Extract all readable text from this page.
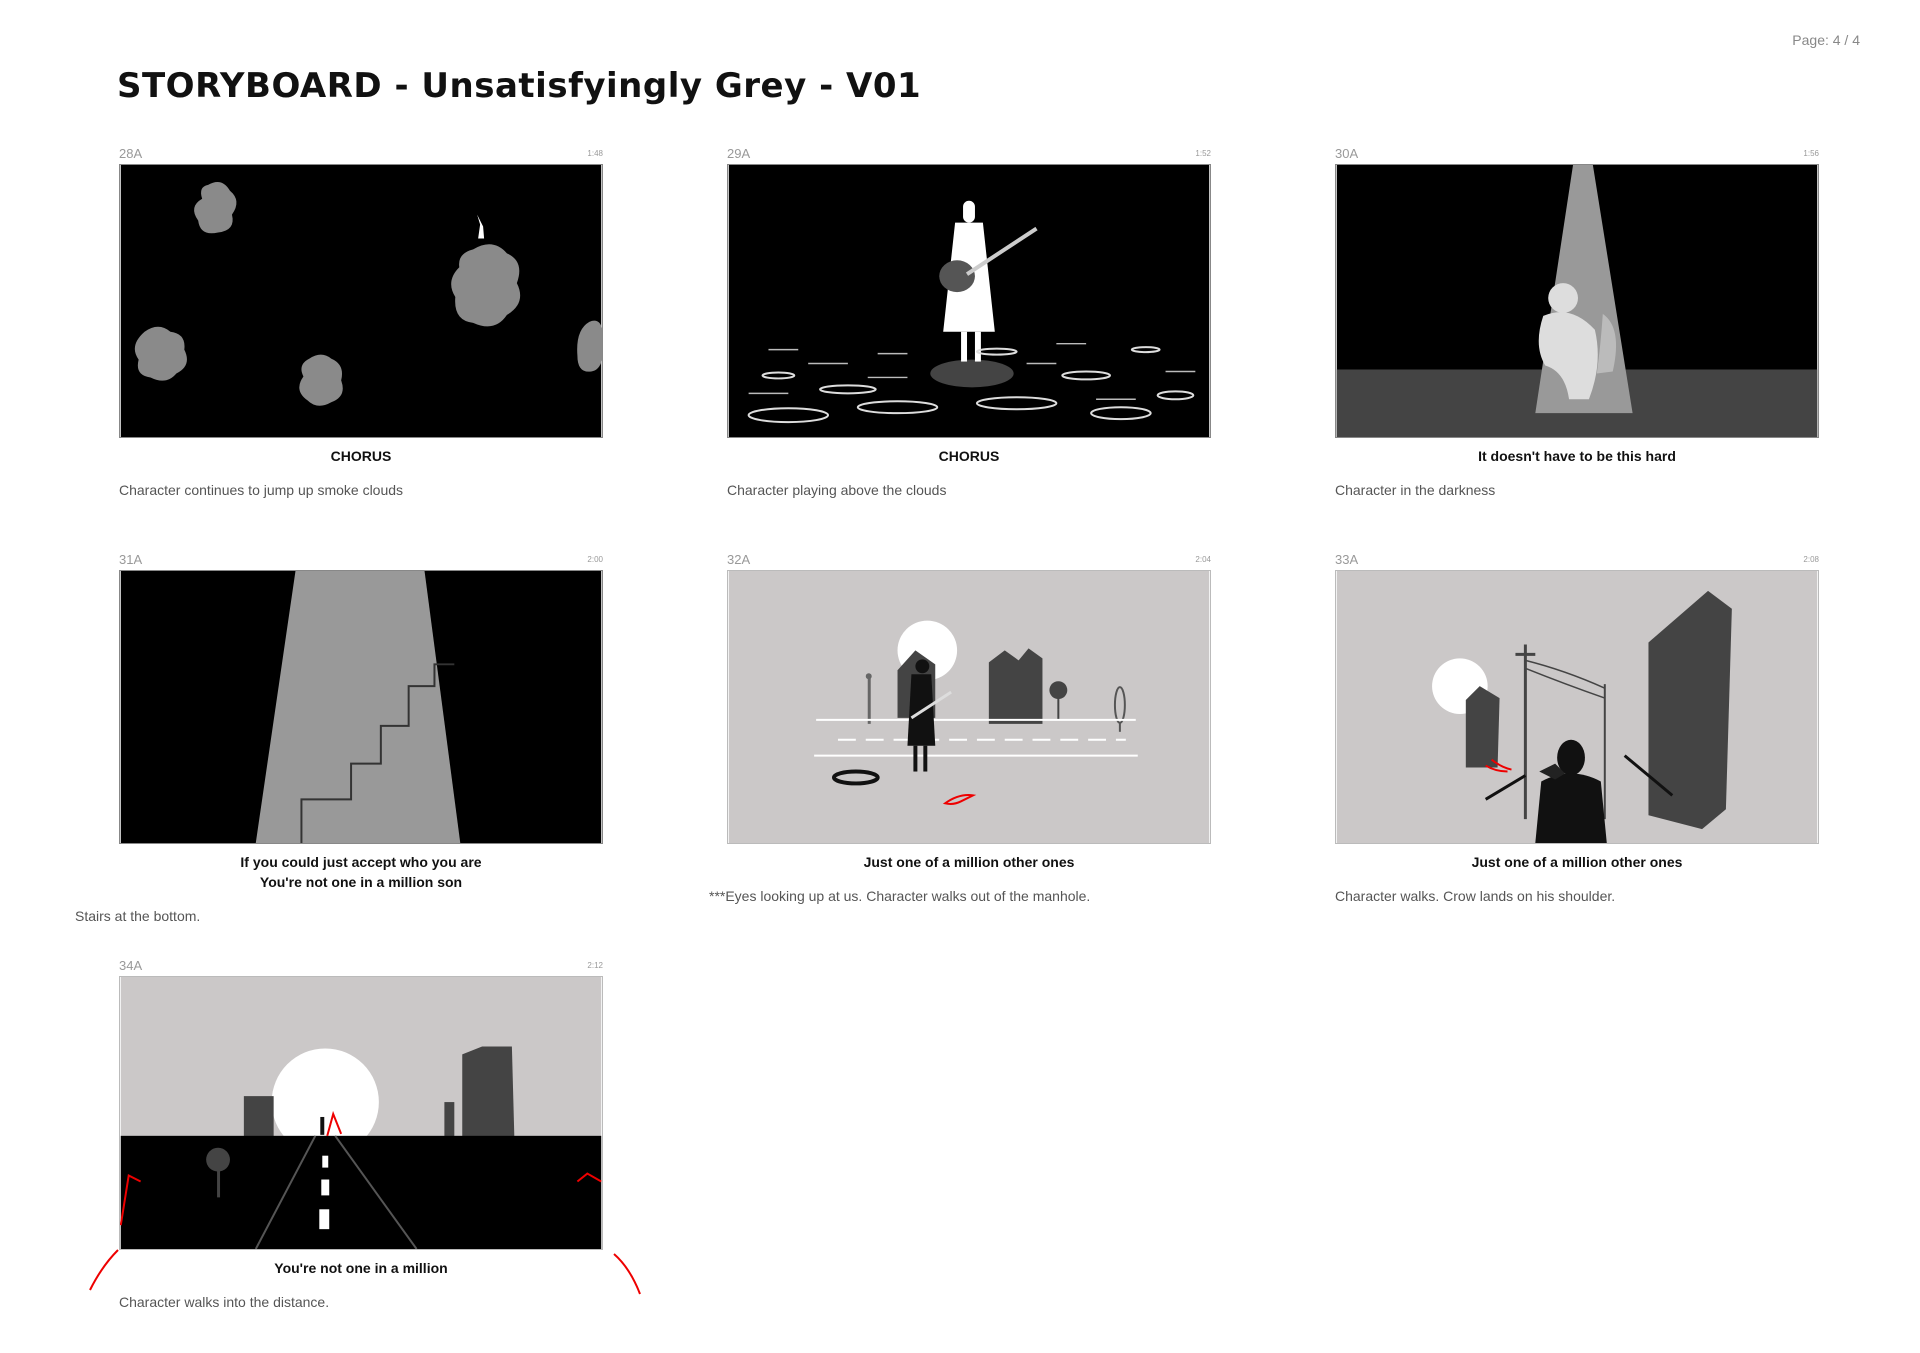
Page: 4 / 4
STORYBOARD - Unsatisfyingly Grey - V01
28A	1:48
CHORUS
Character continues to jump up smoke clouds
29A	1:52
CHORUS
Character playing above the clouds
30A	1:56
It doesn't have to be this hard
Character in the darkness
31A	2:00
If you could just accept who you are
You're not one in a million son
Stairs at the bottom.
32A	2:04
Just one of a million other ones
***Eyes looking up at us. Character walks out of the manhole.
33A	2:08
Just one of a million other ones
Character walks. Crow lands on his shoulder.
34A	2:12
You're not one in a million
Character walks into the distance.
